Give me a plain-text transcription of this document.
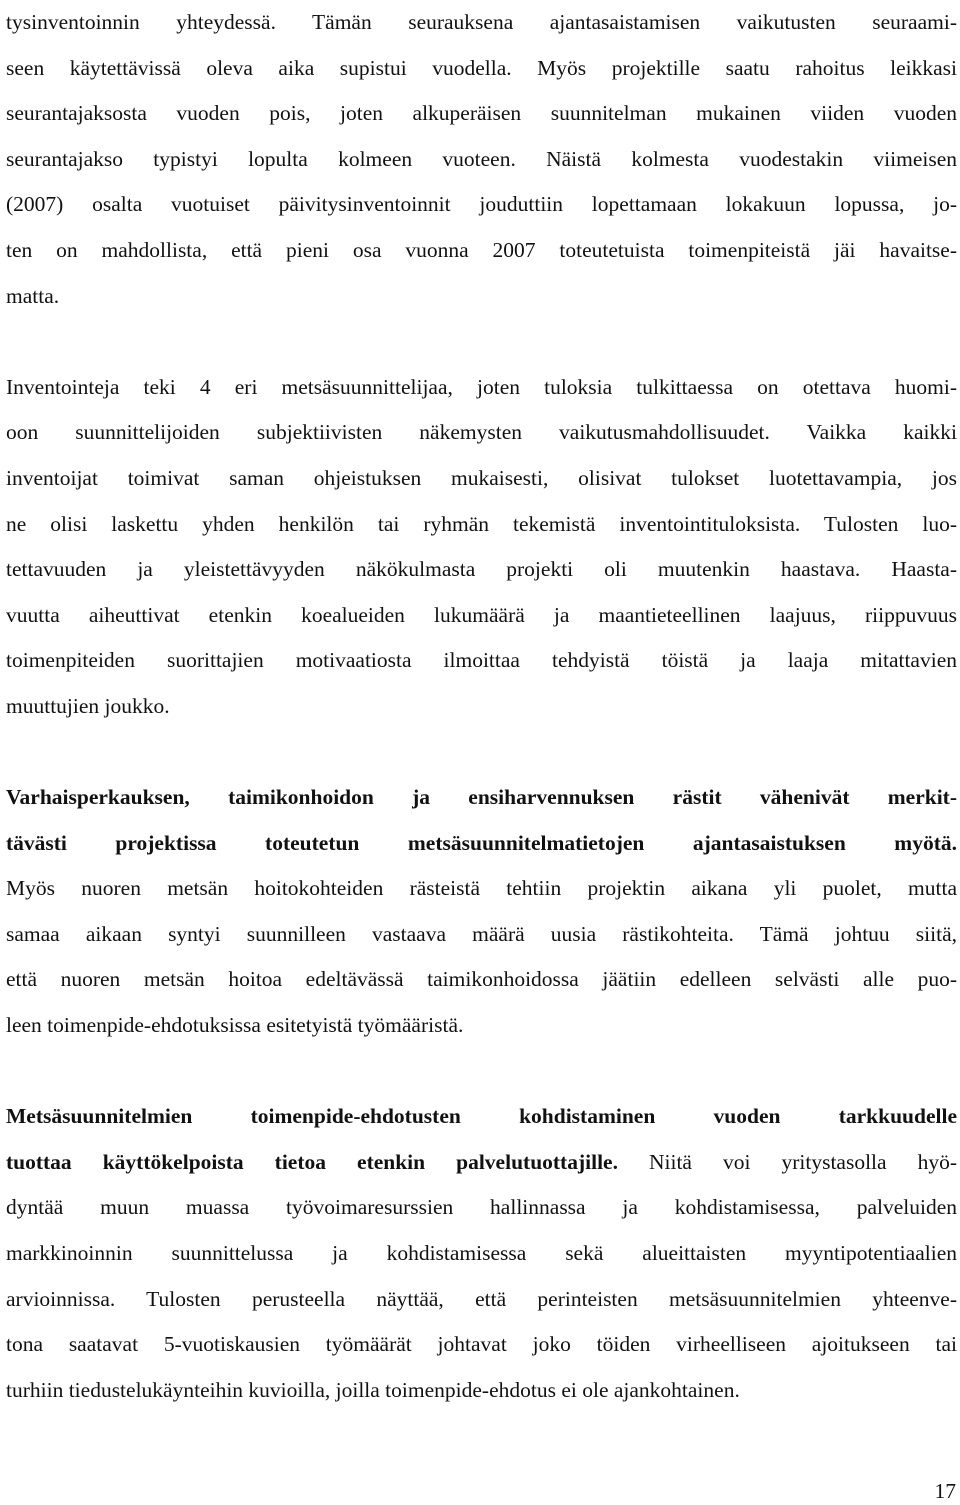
tysinventoinnin yhteydessä. Tämän seurauksena ajantasaistamisen vaikutusten seuraami-
seen käytettävissä oleva aika supistui vuodella. Myös projektille saatu rahoitus leikkasi
seurantajaksosta vuoden pois, joten alkuperäisen suunnitelman mukainen viiden vuoden
seurantajakso typistyi lopulta kolmeen vuoteen. Näistä kolmesta vuodestakin viimeisen
(2007) osalta vuotuiset päivitysinventoinnit jouduttiin lopettamaan lokakuun lopussa, jo-
ten on mahdollista, että pieni osa vuonna 2007 toteutetuista toimenpiteistä jäi havaitse-
matta.
Inventointeja teki 4 eri metsäsuunnittelijaa, joten tuloksia tulkittaessa on otettava huomi-
oon suunnittelijoiden subjektiivisten näkemysten vaikutusmahdollisuudet. Vaikka kaikki
inventoijat toimivat saman ohjeistuksen mukaisesti, olisivat tulokset luotettavampia, jos
ne olisi laskettu yhden henkilön tai ryhmän tekemistä inventointituloksista. Tulosten luo-
tettavuuden ja yleistettävyyden näkökulmasta projekti oli muutenkin haastava. Haasta-
vuutta aiheuttivat etenkin koealueiden lukumäärä ja maantieteellinen laajuus, riippuvuus
toimenpiteiden suorittajien motivaatiosta ilmoittaa tehdyistä töistä ja laaja mitattavien
muuttujien joukko.
Varhaisperkauksen, taimikonhoidon ja ensiharvennuksen rästit vähenivät merkit-
tävästi projektissa toteutetun metsäsuunnitelmatietojen ajantasaistuksen myötä.
Myös nuoren metsän hoitokohteiden rästeistä tehtiin projektin aikana yli puolet, mutta
samaa aikaan syntyi suunnilleen vastaava määrä uusia rästikohteita. Tämä johtuu siitä,
että nuoren metsän hoitoa edeltävässä taimikonhoidossa jäätiin edelleen selvästi alle puo-
leen toimenpide-ehdotuksissa esitetyistä työmääristä.
Metsäsuunnitelmien toimenpide-ehdotusten kohdistaminen vuoden tarkkuudelle
tuottaa käyttökelpoista tietoa etenkin palvelutuottajille. Niitä voi yritystasolla hyö-
dyntää muun muassa työvoimaresurssien hallinnassa ja kohdistamisessa, palveluiden
markkinoinnin suunnittelussa ja kohdistamisessa sekä alueittaisten myyntipotentiaalien
arvioinnissa. Tulosten perusteella näyttää, että perinteisten metsäsuunnitelmien yhteenve-
tona saatavat 5-vuotiskausien työmäärät johtavat joko töiden virheelliseen ajoitukseen tai
turhiin tiedustelukäynteihin kuvioilla, joilla toimenpide-ehdotus ei ole ajankohtainen.
17
